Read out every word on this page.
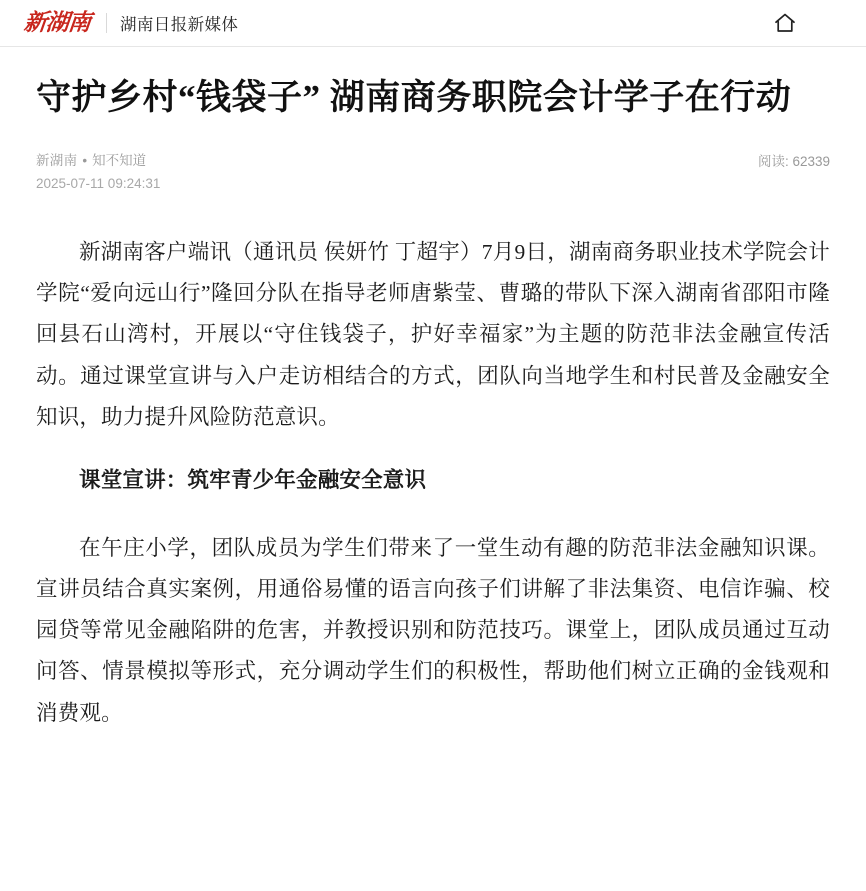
新湖南 湖南日报新媒体
守护乡村“钱袋子” 湖南商务职院会计学子在行动
新湖南 • 知不知道
2025-07-11 09:24:31
阅读: 62339

新湖南客户端讯（通讯员 侯妍竹 丁超宇）7月9日，湖南商务职业技术学院会计学院“爱向远山行”隆回分队在指导老师唐紫莹、曹璐的带队下深入湖南省邵阳市隆回县石山湾村，开展以“守住钱袋子，护好幸福家”为主题的防范非法金融宣传活动。通过课堂宣讲与入户走访相结合的方式，团队向当地学生和村民普及金融安全知识，助力提升风险防范意识。

课堂宣讲：筑牢青少年金融安全意识

在午庄小学，团队成员为学生们带来了一堂生动有趣的防范非法金融知识课。宣讲员结合真实案例，用通俗易懂的语言向孩子们讲解了非法集资、电信诈骗、校园贷等常见金融陷阱的危害，并教授识别和防范技巧。课堂上，团队成员通过互动问答、情景模拟等形式，充分调动学生们的积极性，帮助他们树立正确的金钱观和消费观。
